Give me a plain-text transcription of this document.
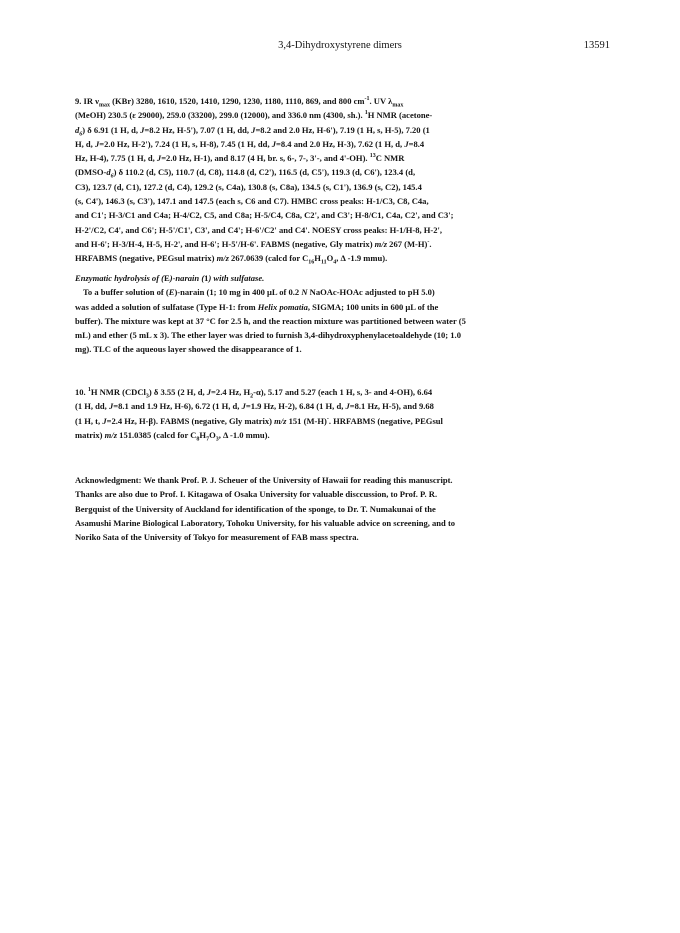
3,4-Dihydroxystyrene dimers	13591
9. IR $\nu_{max}$ (KBr) 3280, 1610, 1520, 1410, 1290, 1230, 1180, 1110, 869, and 800 $cm^{-1}$. UV $\lambda_{max}$
(MeOH) 230.5 (ε 29000), 259.0 (33200), 299.0 (12000), and 336.0 nm (4300, sh.). $^1$H NMR (acetone-
$d_6$) δ 6.91 (1 H, d, J=8.2 Hz, H-5'), 7.07 (1 H, dd, J=8.2 and 2.0 Hz, H-6'), 7.19 (1 H, s, H-5), 7.20 (1
H, d, J=2.0 Hz, H-2'), 7.24 (1 H, s, H-8), 7.45 (1 H, dd, J=8.4 and 2.0 Hz, H-3), 7.62 (1 H, d, J=8.4
Hz, H-4), 7.75 (1 H, d, J=2.0 Hz, H-1), and 8.17 (4 H, br. s, 6-, 7-, 3'-, and 4'-OH). $^{13}$C NMR
$(DMSO-d_6)$ δ 110.2 (d, C5), 110.7 (d, C8), 114.8 (d, C2'), 116.5 (d, C5'), 119.3 (d, C6'), 123.4 (d,
C3), 123.7 (d, C1), 127.2 (d, C4), 129.2 (s, C4a), 130.8 (s, C8a), 134.5 (s, C1'), 136.9 (s, C2), 145.4
(s, C4'), 146.3 (s, C3'), 147.1 and 147.5 (each s, C6 and C7). HMBC cross peaks: H-1/C3, C8, C4a,
and C1'; H-3/C1 and C4a; H-4/C2, C5, and C8a; H-5/C4, C8a, C2', and C3'; H-8/C1, C4a, C2', and C3';
H-2'/C2, C4', and C6'; H-5'/C1', C3', and C4'; H-6'/C2' and C4'. NOESY cross peaks: H-1/H-8, H-2',
and H-6'; H-3/H-4, H-5, H-2', and H-6'; H-5'/H-6'. FABMS (negative, Gly matrix) m/z 267 (M-H)-.
HRFABMS (negative, PEGsul matrix) m/z 267.0639 (calcd for $C_{16}H_{11}O_4$, Δ -1.9 mmu).
Enzymatic hydrolysis of (E)-narain (1) with sulfatase.
To a buffer solution of (E)-narain (1; 10 mg in 400 μL of 0.2 N NaOAc-HOAc adjusted to pH 5.0)
was added a solution of sulfatase (Type H-1: from Helix pomatia, SIGMA; 100 units in 600 μL of the
buffer). The mixture was kept at 37 °C for 2.5 h, and the reaction mixture was partitioned between water (5
mL) and ether (5 mL x 3). The ether layer was dried to furnish 3,4-dihydroxyphenylacetoaldehyde (10; 1.0
mg). TLC of the aqueous layer showed the disappearance of 1.
10. $^1$H NMR (CDCl$_3$) δ 3.55 (2 H, d, J=2.4 Hz, $H_2-\alpha$), 5.17 and 5.27 (each 1 H, s, 3- and 4-OH), 6.64
(1 H, dd, J=8.1 and 1.9 Hz, H-6), 6.72 (1 H, d, J=1.9 Hz, H-2), 6.84 (1 H, d, J=8.1 Hz, H-5), and 9.68
(1 H, t, J=2.4 Hz, H-β). FABMS (negative, Gly matrix) m/z 151 (M-H)-. HRFABMS (negative, PEGsul
matrix) m/z 151.0385 (calcd for $C_8H_7O_3$, Δ -1.0 mmu).
Acknowledgment: We thank Prof. P. J. Scheuer of the University of Hawaii for reading this manuscript.
Thanks are also due to Prof. I. Kitagawa of Osaka University for valuable disccussion, to Prof. P. R.
Bergquist of the University of Auckland for identification of the sponge, to Dr. T. Numakunai of the
Asamushi Marine Biological Laboratory, Tohoku University, for his valuable advice on screening, and to
Noriko Sata of the University of Tokyo for measurement of FAB mass spectra.
